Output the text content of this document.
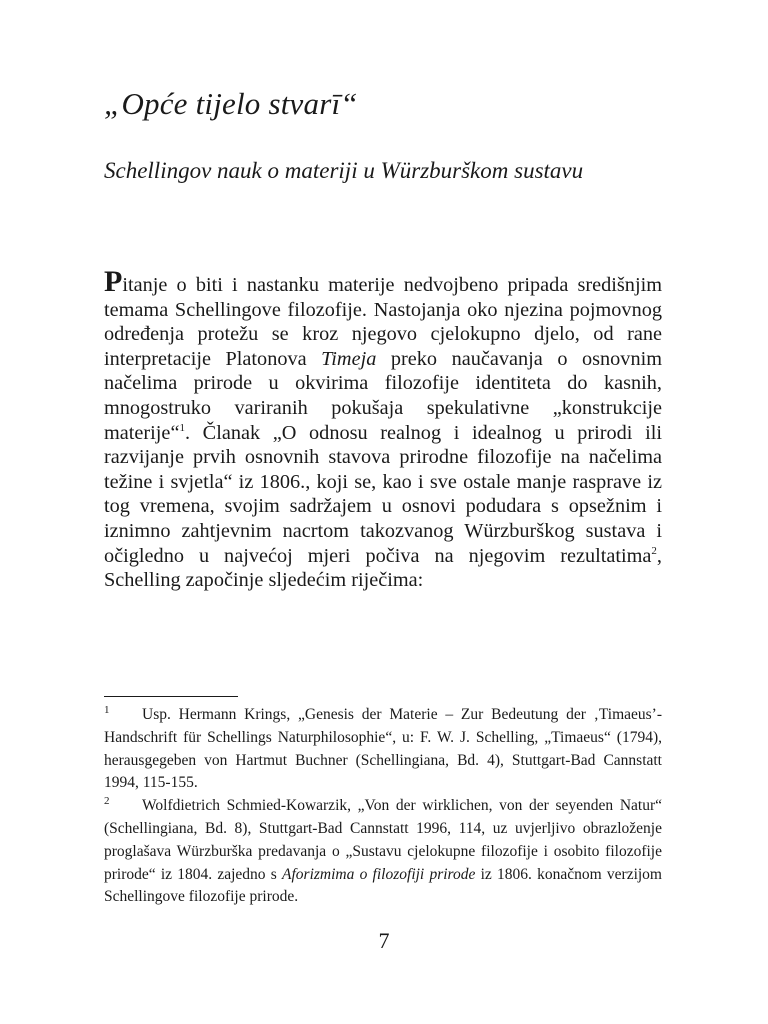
„Opće tijelo stvarī“
Schellingov nauk o materiji u Würzburškom sustavu

Pitanje o biti i nastanku materije nedvojbeno pripada središnjim temama Schellingove filozofije. Nastojanja oko njezina pojmovnog određenja protežu se kroz njegovo cjelokupno djelo, od rane interpretacije Platonova Timeja preko naučavanja o osnovnim načelima prirode u okvirima filozofije identiteta do kasnih, mnogostruko variranih pokušaja spekulativne „konstrukcije materije“$^1$. Članak „O odnosu realnog i idealnog u prirodi ili razvijanje prvih osnovnih stavova prirodne filozofije na načelima težine i svjetla“ iz 1806., koji se, kao i sve ostale manje rasprave iz tog vremena, svojim sadržajem u osnovi podudara s opsežnim i iznimno zahtjevnim nacrtom takozvanog Würzburškog sustava i očigledno u najvećoj mjeri počiva na njegovim rezultatima$^2$, Schelling započinje sljedećim riječima:

1 Usp. Hermann Krings, „Genesis der Materie – Zur Bedeutung der ‚Timaeus’-Handschrift für Schellings Naturphilosophie“, u: F. W. J. Schelling, „Timaeus“ (1794), herausgegeben von Hartmut Buchner (Schellingiana, Bd. 4), Stuttgart-Bad Cannstatt 1994, 115-155.

2 Wolfdietrich Schmied-Kowarzik, „Von der wirklichen, von der seyenden Natur“ (Schellingiana, Bd. 8), Stuttgart-Bad Cannstatt 1996, 114, uz uvjerljivo obrazloženje proglašava Würzburška predavanja o „Sustavu cjelokupne filozofije i osobito filozofije prirode“ iz 1804. zajedno s Aforizmima o filozofiji prirode iz 1806. konačnom verzijom Schellingove filozofije prirode.

7
